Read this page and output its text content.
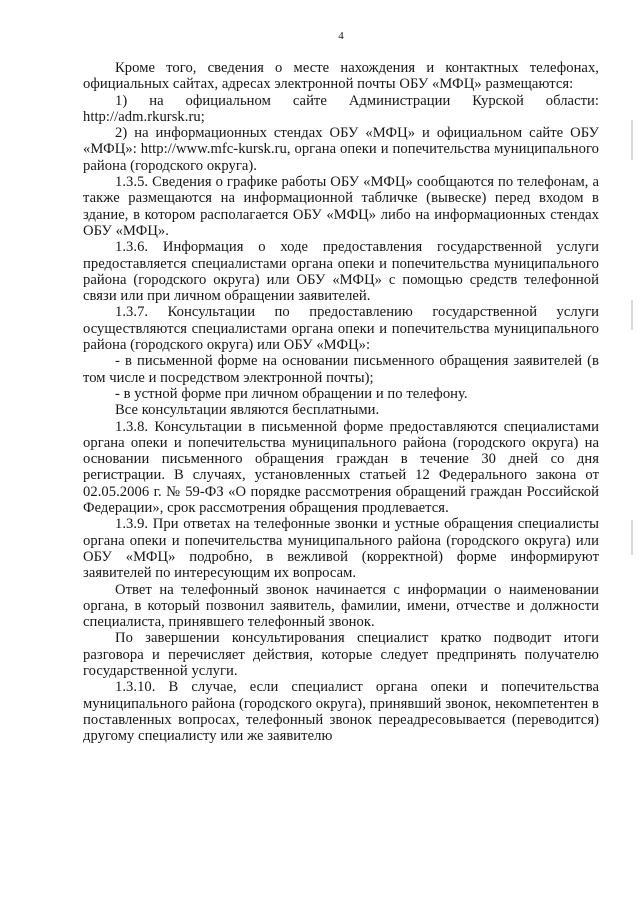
4

Кроме того, сведения о месте нахождения и контактных телефонах, официальных сайтах, адресах электронной почты ОБУ «МФЦ» размещаются:

1) на официальном сайте Администрации Курской области: http://adm.rkursk.ru;

2) на информационных стендах ОБУ «МФЦ» и официальном сайте ОБУ «МФЦ»: http://www.mfc-kursk.ru, органа опеки и попечительства муниципального района (городского округа).

1.3.5. Сведения о графике работы ОБУ «МФЦ» сообщаются по телефонам, а также размещаются на информационной табличке (вывеске) перед входом в здание, в котором располагается ОБУ «МФЦ» либо на информационных стендах ОБУ «МФЦ».

1.3.6. Информация о ходе предоставления государственной услуги предоставляется специалистами органа опеки и попечительства муниципального района (городского округа) или ОБУ «МФЦ» с помощью средств телефонной связи или при личном обращении заявителей.

1.3.7. Консультации по предоставлению государственной услуги осуществляются специалистами органа опеки и попечительства муниципального района (городского округа) или ОБУ «МФЦ»:

- в письменной форме на основании письменного обращения заявителей (в том числе и посредством электронной почты);

- в устной форме при личном обращении и по телефону.

Все консультации являются бесплатными.

1.3.8. Консультации в письменной форме предоставляются специалистами органа опеки и попечительства муниципального района (городского округа) на основании письменного обращения граждан в течение 30 дней со дня регистрации. В случаях, установленных статьей 12 Федерального закона от 02.05.2006 г. № 59-ФЗ «О порядке рассмотрения обращений граждан Российской Федерации», срок рассмотрения обращения продлевается.

1.3.9. При ответах на телефонные звонки и устные обращения специалисты органа опеки и попечительства муниципального района (городского округа) или ОБУ «МФЦ» подробно, в вежливой (корректной) форме информируют заявителей по интересующим их вопросам.

Ответ на телефонный звонок начинается с информации о наименовании органа, в который позвонил заявитель, фамилии, имени, отчестве и должности специалиста, принявшего телефонный звонок.

По завершении консультирования специалист кратко подводит итоги разговора и перечисляет действия, которые следует предпринять получателю государственной услуги.

1.3.10. В случае, если специалист органа опеки и попечительства муниципального района (городского округа), принявший звонок, некомпетентен в поставленных вопросах, телефонный звонок переадресовывается (переводится) другому специалисту или же заявителю
